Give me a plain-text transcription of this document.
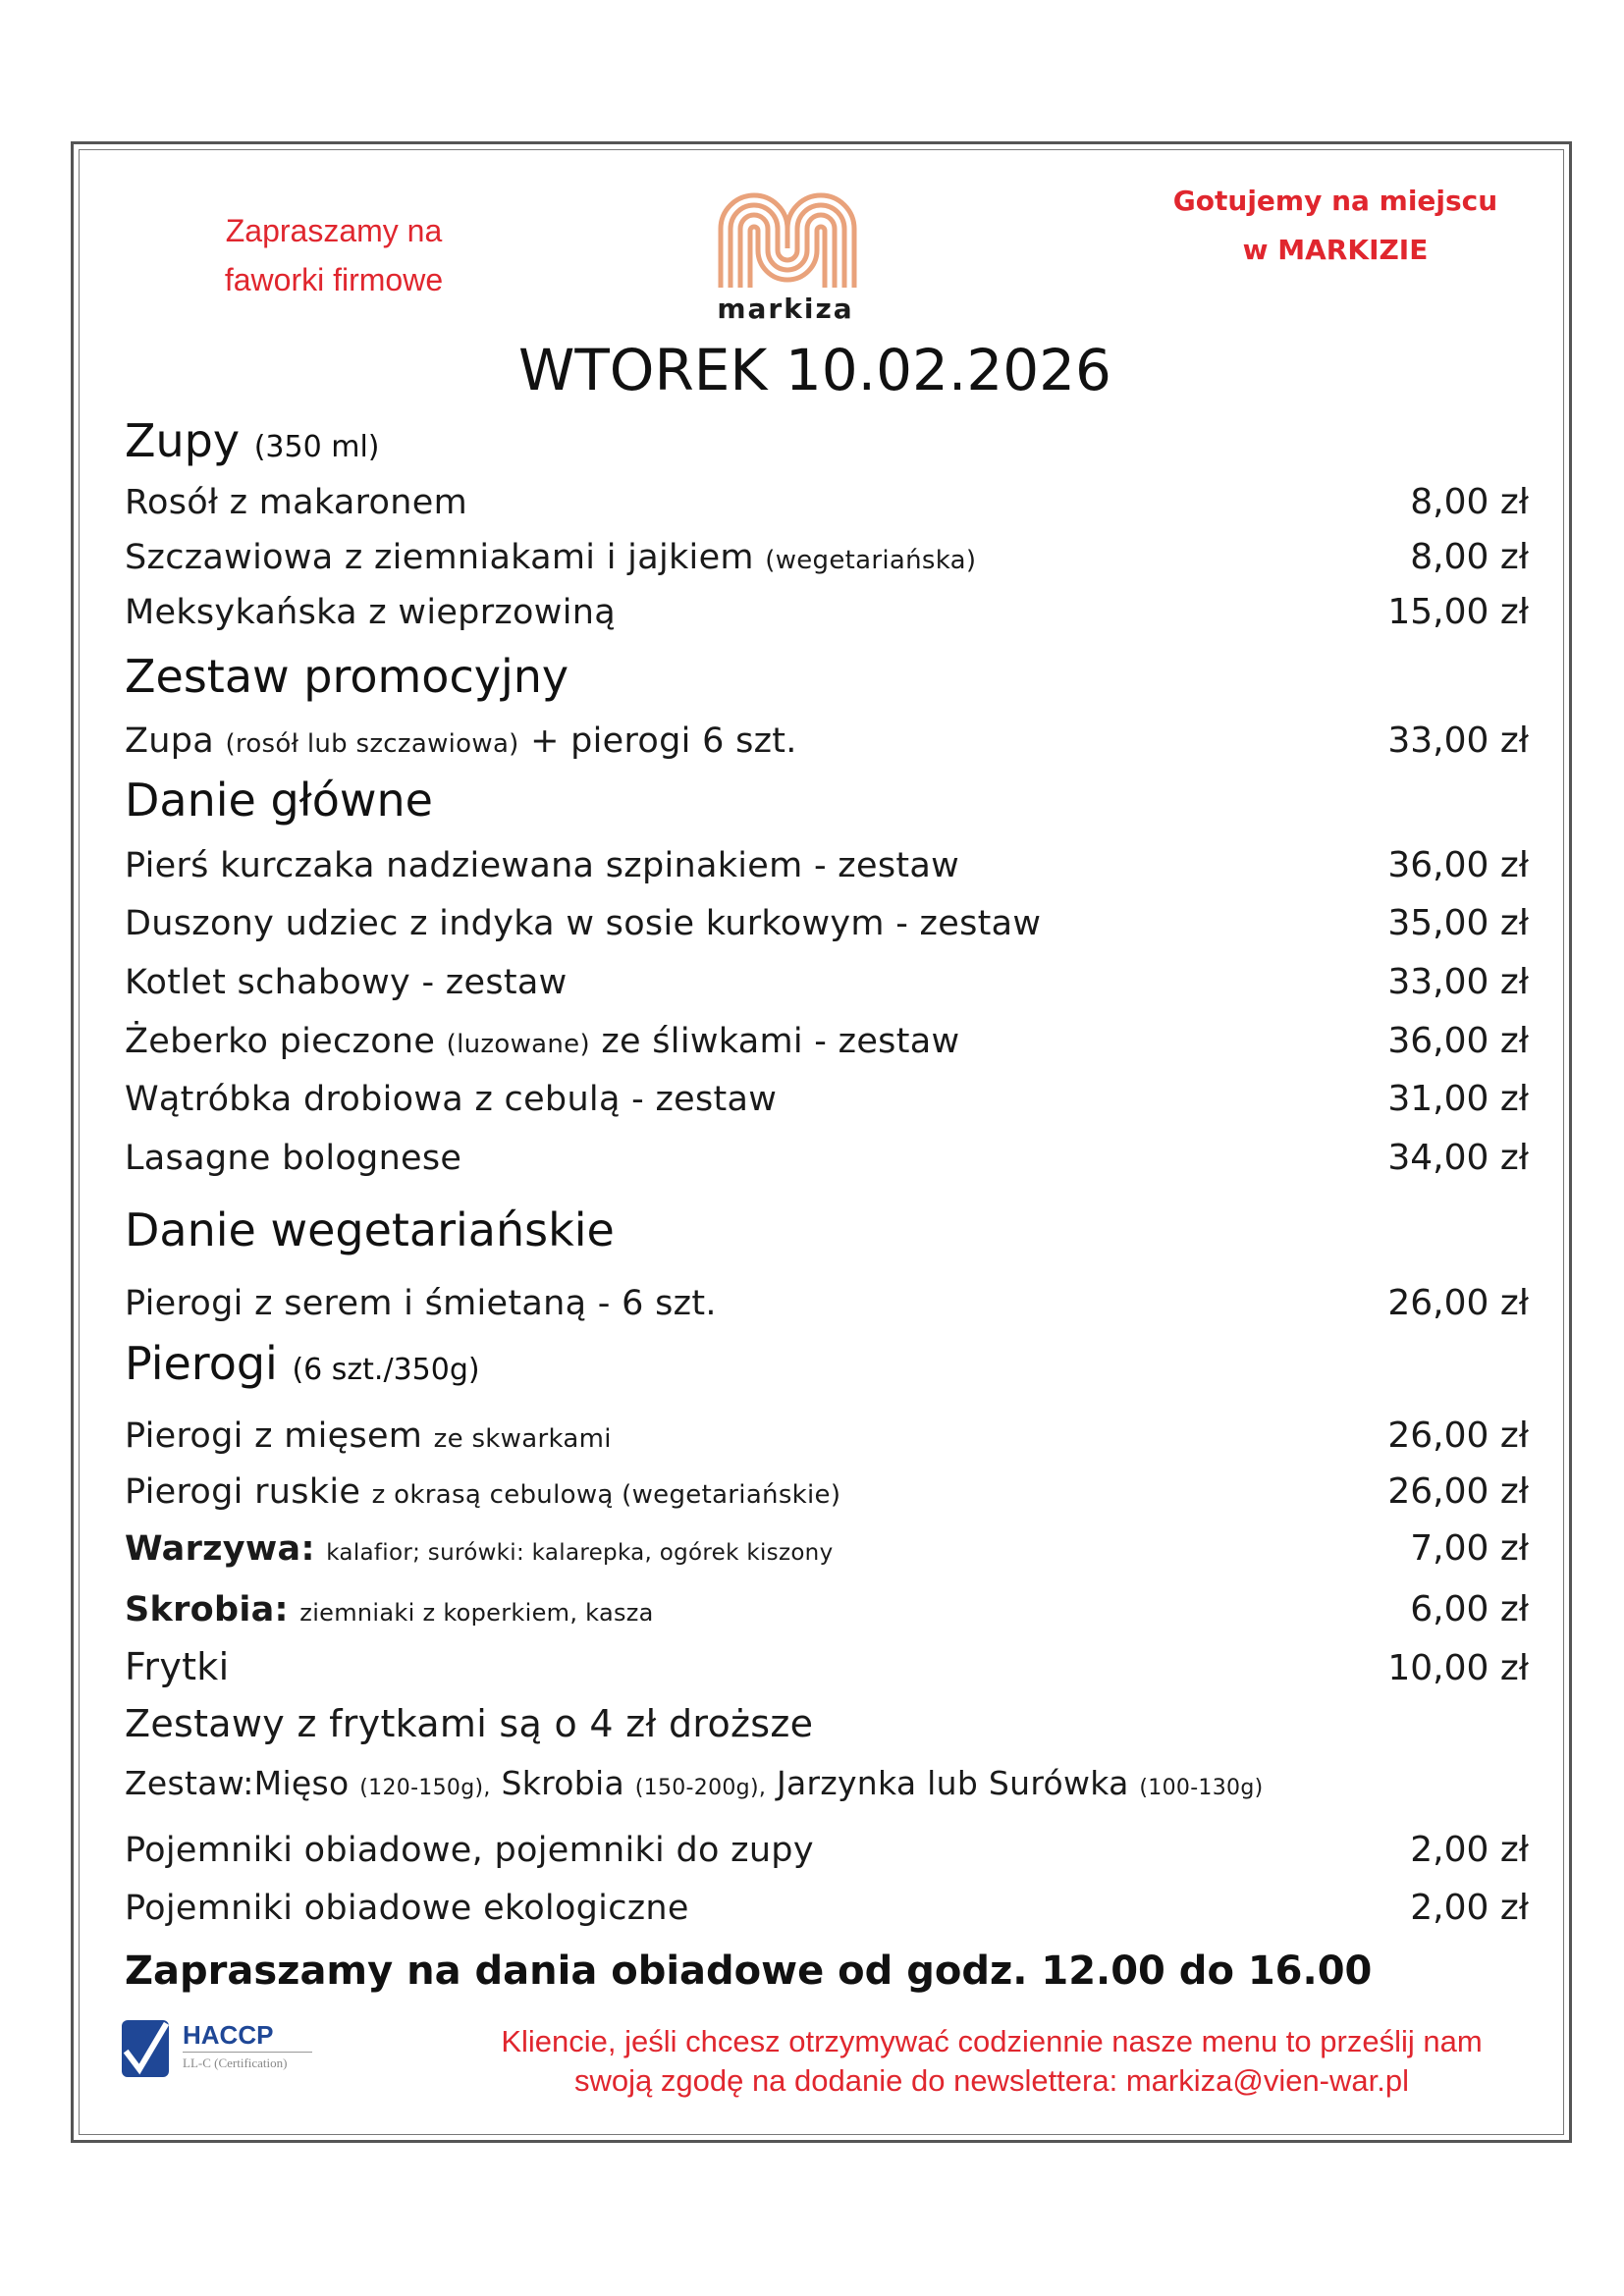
Zapraszamy na
faworki firmowe
markiza
Gotujemy na miejscu
w MARKIZIE
WTOREK 10.02.2026
Zupy (350 ml)
Rosół z makaronem	8,00 zł
Szczawiowa z ziemniakami i jajkiem (wegetariańska)	8,00 zł
Meksykańska z wieprzowiną	15,00 zł
Zestaw promocyjny
Zupa (rosół lub szczawiowa) + pierogi 6 szt.	33,00 zł
Danie główne
Pierś kurczaka nadziewana szpinakiem - zestaw	36,00 zł
Duszony udziec z indyka w sosie kurkowym - zestaw	35,00 zł
Kotlet schabowy - zestaw	33,00 zł
Żeberko pieczone (luzowane) ze śliwkami - zestaw	36,00 zł
Wątróbka drobiowa z cebulą - zestaw	31,00 zł
Lasagne bolognese	34,00 zł
Danie wegetariańskie
Pierogi z serem i śmietaną - 6 szt.	26,00 zł
Pierogi (6 szt./350g)
Pierogi z mięsem ze skwarkami	26,00 zł
Pierogi ruskie z okrasą cebulową (wegetariańskie)	26,00 zł
Warzywa: kalafior; surówki: kalarepka, ogórek kiszony	7,00 zł
Skrobia: ziemniaki z koperkiem, kasza	6,00 zł
Frytki	10,00 zł
Zestawy z frytkami są o 4 zł droższe
Zestaw:Mięso (120-150g), Skrobia (150-200g), Jarzynka lub Surówka (100-130g)
Pojemniki obiadowe, pojemniki do zupy	2,00 zł
Pojemniki obiadowe ekologiczne	2,00 zł
Zapraszamy na dania obiadowe od godz. 12.00 do 16.00
HACCP
LL-C (Certification)
Kliencie, jeśli chcesz otrzymywać codziennie nasze menu to prześlij nam
swoją zgodę na dodanie do newslettera: markiza@vien-war.pl
